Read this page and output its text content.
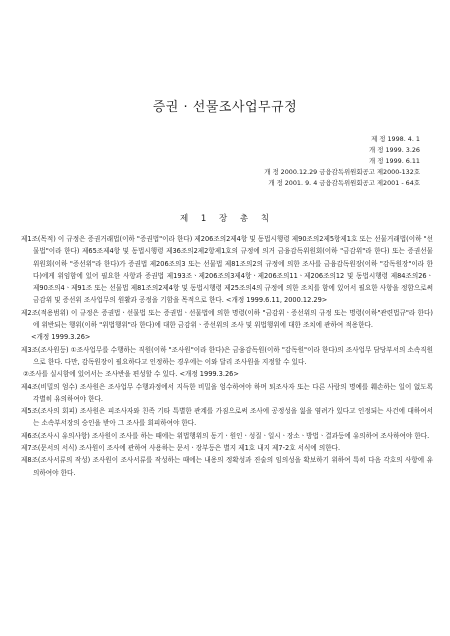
증권 · 선물조사업무규정
제 정 1998. 4. 1
개 정 1999. 3.26
개 정 1999. 6.11
개 정 2000.12.29 금융감독위원회공고 제2000-132호
개 정 2001. 9. 4 금융감독위원회공고 제2001 - 64호
제 1 장 총 칙

제1조(목적) 이 규정은 증권거래법(이하 "증권법"이라 한다) 제206조의2제4항 및 동법시행령 제90조의2제5항제1호 또는 선물거래법(이하 "선물법"이라 한다) 제65조제4항 및 동법시행령 제36조의2제2항제1호의 규정에 의거 금융감독위원회(이하 "금감위"라 한다) 또는 증권선물위원회(이하 "증선위"라 한다)가 증권법 제206조의3 또는 선물법 제81조의2의 규정에 의한 조사를 금융감독원장(이하 "감독원장"이라 한다)에게 위임함에 있어 필요한 사항과 증권법 제193조ㆍ제206조의3제4항ㆍ제206조의11ㆍ제206조의12 및 동법시행령 제84조의26ㆍ제90조의4ㆍ제91조 또는 선물법 제81조의2제4항 및 동법시행령 제25조의4의 규정에 의한 조치를 함에 있어서 필요한 사항을 정함으로써 금감위 및 증선위 조사업무의 원활과 공정을 기함을 목적으로 한다. <개정 1999.6.11, 2000.12.29>

제2조(적용범위) 이 규정은 증권법ㆍ선물법 또는 증권법ㆍ선물법에 의한 명령(이하 "금감위ㆍ증선위의 규정 또는 명령(이하"관련법규"라 한다)에 위반되는 행위(이하 "위법행위"라 한다)에 대한 금감위ㆍ증선위의 조사 및 위법행위에 대한 조치에 관하여 적용한다.

<개정 1999.3.26>

제3조(조사원등) ①조사업무를 수행하는 직원(이하 "조사원"이라 한다)은 금융감독원(이하 "감독원"이라 한다)의 조사업무 담당부서의 소속직원으로 한다. 다만, 감독원장이 필요하다고 인정하는 경우에는 이와 달리 조사원을 지정할 수 있다.

②조사를 실시함에 있어서는 조사반을 편성할 수 있다. <개정 1999.3.26>

제4조(비밀의 엄수) 조사원은 조사업무 수행과정에서 지득한 비밀을 엄수하여야 하며 퇴조사자 또는 다른 사람의 명예를 훼손하는 일이 없도록 각별히 유의하여야 한다.

제5조(조사의 회피) 조사원은 피조사자와 친족 기타 특별한 관계를 가짐으로써 조사에 공정성을 잃을 염려가 있다고 인정되는 사건에 대하여서는 소속부서장의 승인을 받아 그 조사를 회피하여야 한다.

제6조(조사시 유의사항) 조사원이 조사를 하는 때에는 위법행위의 동기ㆍ원인ㆍ성질ㆍ일시ㆍ장소ㆍ방법ㆍ결과등에 유의하여 조사하여야 한다.

제7조(문서의 서식) 조사원이 조사에 관하여 사용하는 문서ㆍ장부등은 별지 제1호 내지 제7-2호 서식에 의한다.

제8조(조사서류의 작성) 조사원이 조사서류를 작성하는 때에는 내용의 정확성과 진술의 임의성을 확보하기 위하여 특히 다음 각호의 사항에 유의하여야 한다.
